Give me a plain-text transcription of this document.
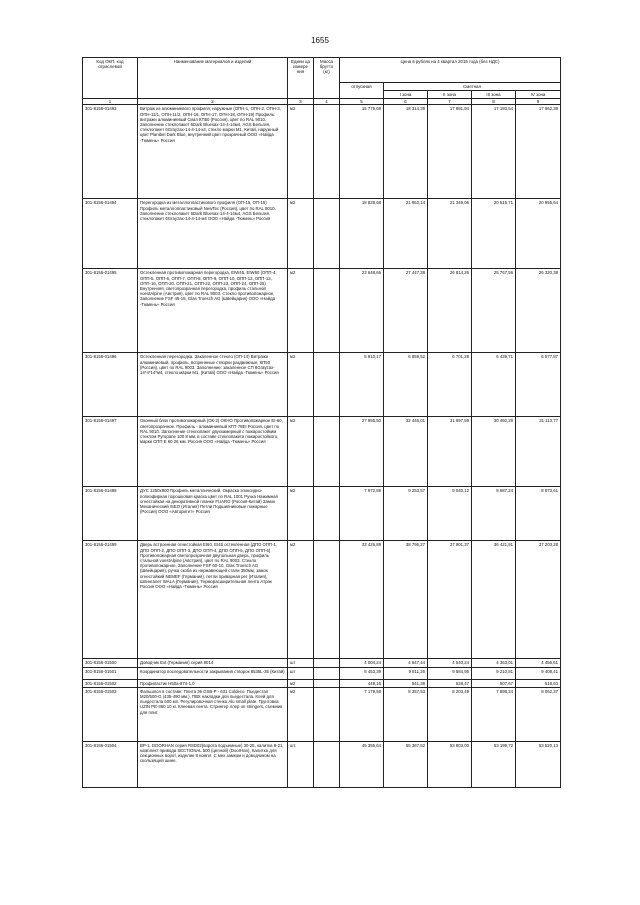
1655
Код ОКП, код отраслевой	Наименование материалов и изделий	Едини ца измере ния	Масса брутто (кг)	Цена в рублях на 4 квартал 2015 года (без НДС)				
				отпускная	Сметная			
					I зона	II зона	III зона	IV зона
1	2	3	4	5	6	7	8	9
301-8156-01493	Витраж из алюминиевого профиля, наружные (ОПН-1, ОПН-2, ОПН-3, ОПН-11/1, ОПН-11/2, ОПН-16, ОПН-17, ОПН-18, ОПН-19) Профиль: витражи алюминиевый Сиал КП50 (Россия), цвет по RAL 9010. Заполнение стеклопакет 6Dark Bluesax-14-4-14м4, AGS Бельгия, стеклопакет 6Grayzax-14-4-14-к4, стекло марки М1, Китай, наружный цвет Planibel Dark Blue, внутренний цвет прозрачный ООО «Найда -Тюмень» Россия	м2		15 779,69	18 314,39	17 891,94	17 193,54	17 562,39
301-8156-01494	Перегородка из металлопластикового профиля (ОП-15, ОП-16) Профиль металлопластиковый NewTec (Россия), цвет по RAL 9010. Заполнение стеклопакет 6Dark Bluesax-14-4-14м4, AGS Бельгия, стеклопакет 6Grayzax-14-4-14-м4 ООО «Найда -Тюмень» Россия	м2		18 828,68	21 853,14	21 349,06	20 515,71	20 955,64
301-8156-01495	Остекленная противопожарная перегородка, EIW45, EIW60 (ОПП-4, ОПП-5, ОПП-6, ОПП-7, ОПП-8, ОПП-9, ОПП-10, ОПП-12, ОПП-13, ОПП-16, ОПП-20, ОПП-21, ОПП-22, ОПП-23, ОПП-24, ОПП-25) Внутренняя, светопрозрачная перегородка, профиль стальной voestAlpine (Австрия), цвет по RAL 9003. Стекло противопожарное, Заполнение FSF 45-15, Glas Troesch AG (Швейцария) ООО «Найда -Тюмень» Россия	м2		23 648,66	27 447,38	26 814,26	25 767,56	26 320,38
301-8156-01496	Остекленная перегородка. Закаленное стекло (ОП-14) Витражи алюминиевый, профиль, вспреннные створки раздвижные, КП50 (Россия), цвет по RAL 9003. Заполнение: закаленное СП 8Grayzax-14*4*14*м4, стекло марки М1. (Китай) ООО «Найда -Тюмень» Россия	м2		5 910,17	6 859,52	6 701,28	6 439,71	6 577,87
301-8156-01497	Оконный блок противопожарный (ОК-2) ОКНО Противопожарное EI-60, светопрозрачное. Профиль - алюминиевый КПТ 78EI Россия, цвет по RAL 9010. Заполнение стеклопакет двухкамерный с пожаростойким стеклом Pyropane 100 8 мм, в составе стеклопакета пожаростойкого, марки СПП Е 60 26 мм. Россия ООО «Найда -Тюмень» Россия	м2		27 955,50	32 446,01	31 697,59	30 460,29	31 113,77
301-8156-01498	ДУС 1250х900 Профиль металлический, Окраска эпоксидно-полиэфирная порошковая краска цвет по RAL 1001 Ручка Нажимная огнестойкая на декоративной планке FUARO (Россия-Китай) Замок Механический ISEO (Италия) Петли Подшипниковые пожарные (Россия) ООО «Авторитет» Россия	м2		7 972,88	9 253,57	9 040,12	8 687,24	8 873,61
301-8156-01499	Дверь встроенная огнестойкая EI60, EI45 остекленная (ДПО ОПП-1, ДПО ОПП-2, ДПО ОПП-3, ДПО ОПП-4, ДПО ОПП-5, ДПО ОПП-6) Противопожарная светопрозрачная двупольная дверь, профиль стальной voestAlpine (Австрия), цвет по RAL 9003. Стекло противопожарное, Заполнение FSF 60-10, Glas Troesch AG (Швейцария), ручка скоба из нержавеющей стали 350мм, замок огнестойкий NEMEF (Германия), петли приварная рег (Италия), Шпингалет WALA (Германия), Термораcширительная лента Атрак Россия ООО «Найда -Тюмень» Россия	м2		33 426,89	38 796,27	37 901,37	36 421,91	37 203,28
301-8156-01500	Доводчик Ext (Германия) серия 8014	шт		4 004,24	4 647,44	4 540,24	4 363,01	4 456,61
301-8156-01501	Координатор последовательности закрывания створок 8535L-35 (Китай)	шт		8 453,39	9 811,26	9 584,95	9 210,81	9 408,41
301-8156-01502	Профиластик Н50а-874-1,0	м2		449,16	541,39	528,47	507,67	518,63
301-8156-01503	Фальшпол в составе: Плита 36 GSB-P - 631 Coldeco. Пьедестал М20/500-G (435-490 мм.), ПВХ накладки для пьедестала. Клей для пьедестала 600 мл. Регулировочная стенка Alu small plate. Грунтовка UZIN PE-360 10 кг. Клеевая лента. Стрингер ллер on stringers, съемник для плит.	м2		7 179,58	8 357,53	8 203,49	7 898,24	8 062,37
301-8156-01504	ВР-1. DOORHAN серия RSD02(ворота подъемные) 30-25, калитка 8-21, комплект привода SECTIONAL 500 (цепной) (DoorHan), Калитка для секционных ворот, изделие 8 компл. С мех.замком и доводчиком на скользящей шине.	шт.		45 355,64	55 367,52	53 803,00	53 199,72	53 520,13
